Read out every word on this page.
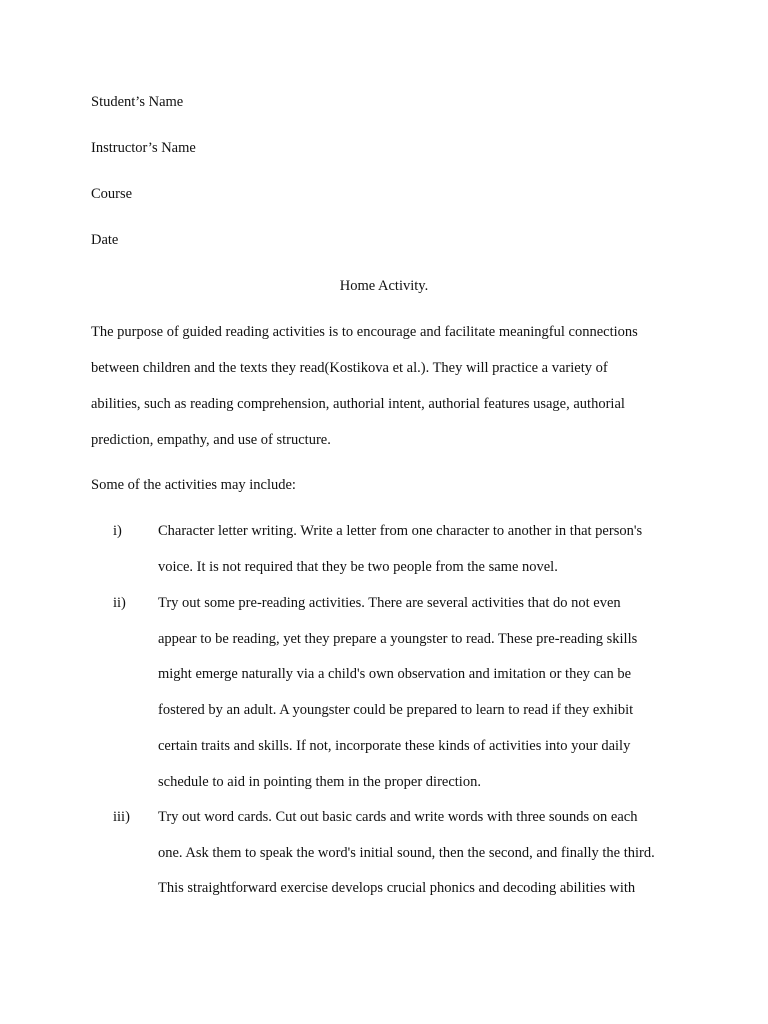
Student’s Name
Instructor’s Name
Course
Date
Home Activity.
The purpose of guided reading activities is to encourage and facilitate meaningful connections
between children and the texts they read(Kostikova et al.). They will practice a variety of
abilities, such as reading comprehension, authorial intent, authorial features usage, authorial
prediction, empathy, and use of structure.
Some of the activities may include:
i) Character letter writing. Write a letter from one character to another in that person's
voice. It is not required that they be two people from the same novel.
ii) Try out some pre-reading activities. There are several activities that do not even
appear to be reading, yet they prepare a youngster to read. These pre-reading skills
might emerge naturally via a child's own observation and imitation or they can be
fostered by an adult. A youngster could be prepared to learn to read if they exhibit
certain traits and skills. If not, incorporate these kinds of activities into your daily
schedule to aid in pointing them in the proper direction.
iii) Try out word cards. Cut out basic cards and write words with three sounds on each
one. Ask them to speak the word's initial sound, then the second, and finally the third.
This straightforward exercise develops crucial phonics and decoding abilities with
